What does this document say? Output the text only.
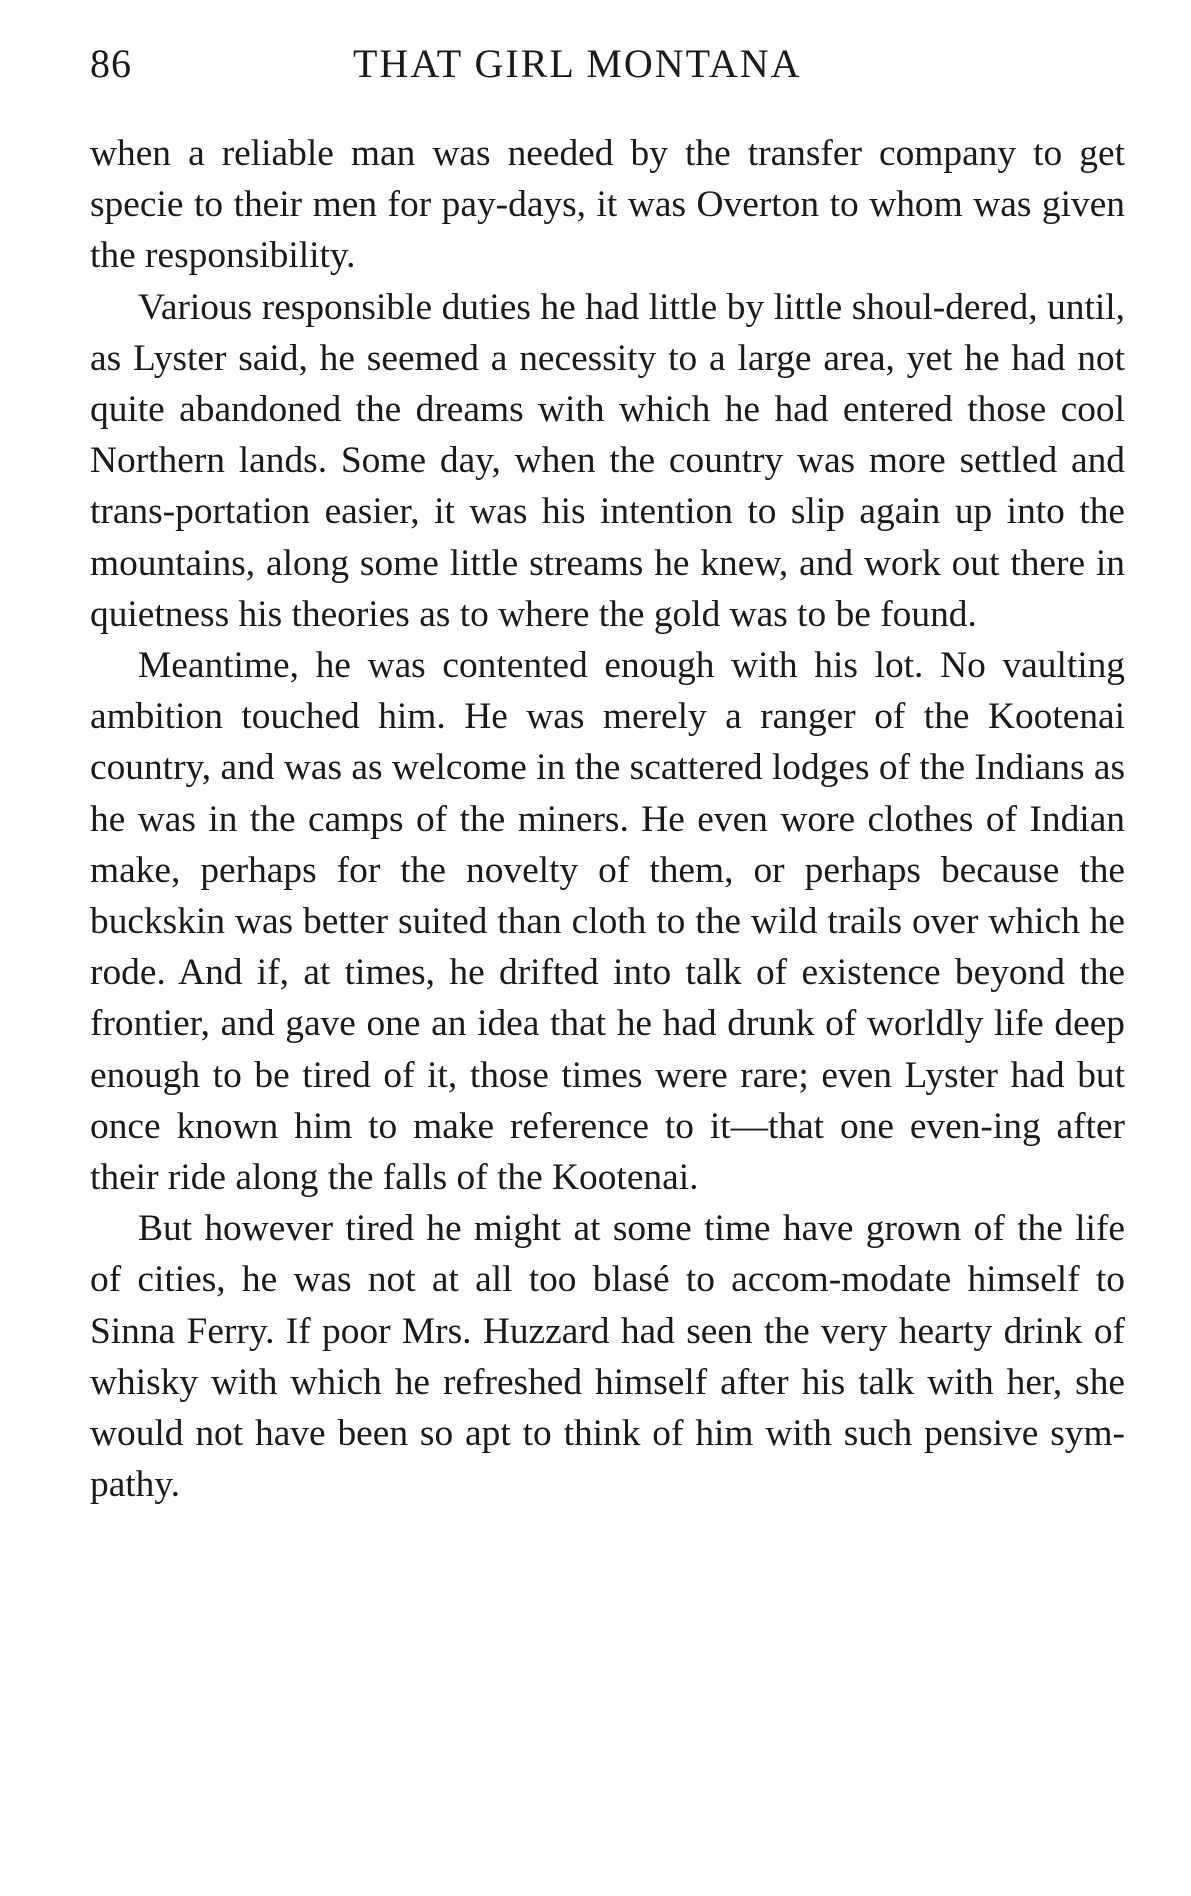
86	THAT GIRL MONTANA

when a reliable man was needed by the transfer company to get specie to their men for pay-days, it was Overton to whom was given the responsibility.

Various responsible duties he had little by little shoul-dered, until, as Lyster said, he seemed a necessity to a large area, yet he had not quite abandoned the dreams with which he had entered those cool Northern lands. Some day, when the country was more settled and trans-portation easier, it was his intention to slip again up into the mountains, along some little streams he knew, and work out there in quietness his theories as to where the gold was to be found.

Meantime, he was contented enough with his lot. No vaulting ambition touched him. He was merely a ranger of the Kootenai country, and was as welcome in the scattered lodges of the Indians as he was in the camps of the miners. He even wore clothes of Indian make, perhaps for the novelty of them, or perhaps because the buckskin was better suited than cloth to the wild trails over which he rode. And if, at times, he drifted into talk of existence beyond the frontier, and gave one an idea that he had drunk of worldly life deep enough to be tired of it, those times were rare; even Lyster had but once known him to make reference to it—that one even-ing after their ride along the falls of the Kootenai.

But however tired he might at some time have grown of the life of cities, he was not at all too blasé to accom-modate himself to Sinna Ferry. If poor Mrs. Huzzard had seen the very hearty drink of whisky with which he refreshed himself after his talk with her, she would not have been so apt to think of him with such pensive sym-pathy.
